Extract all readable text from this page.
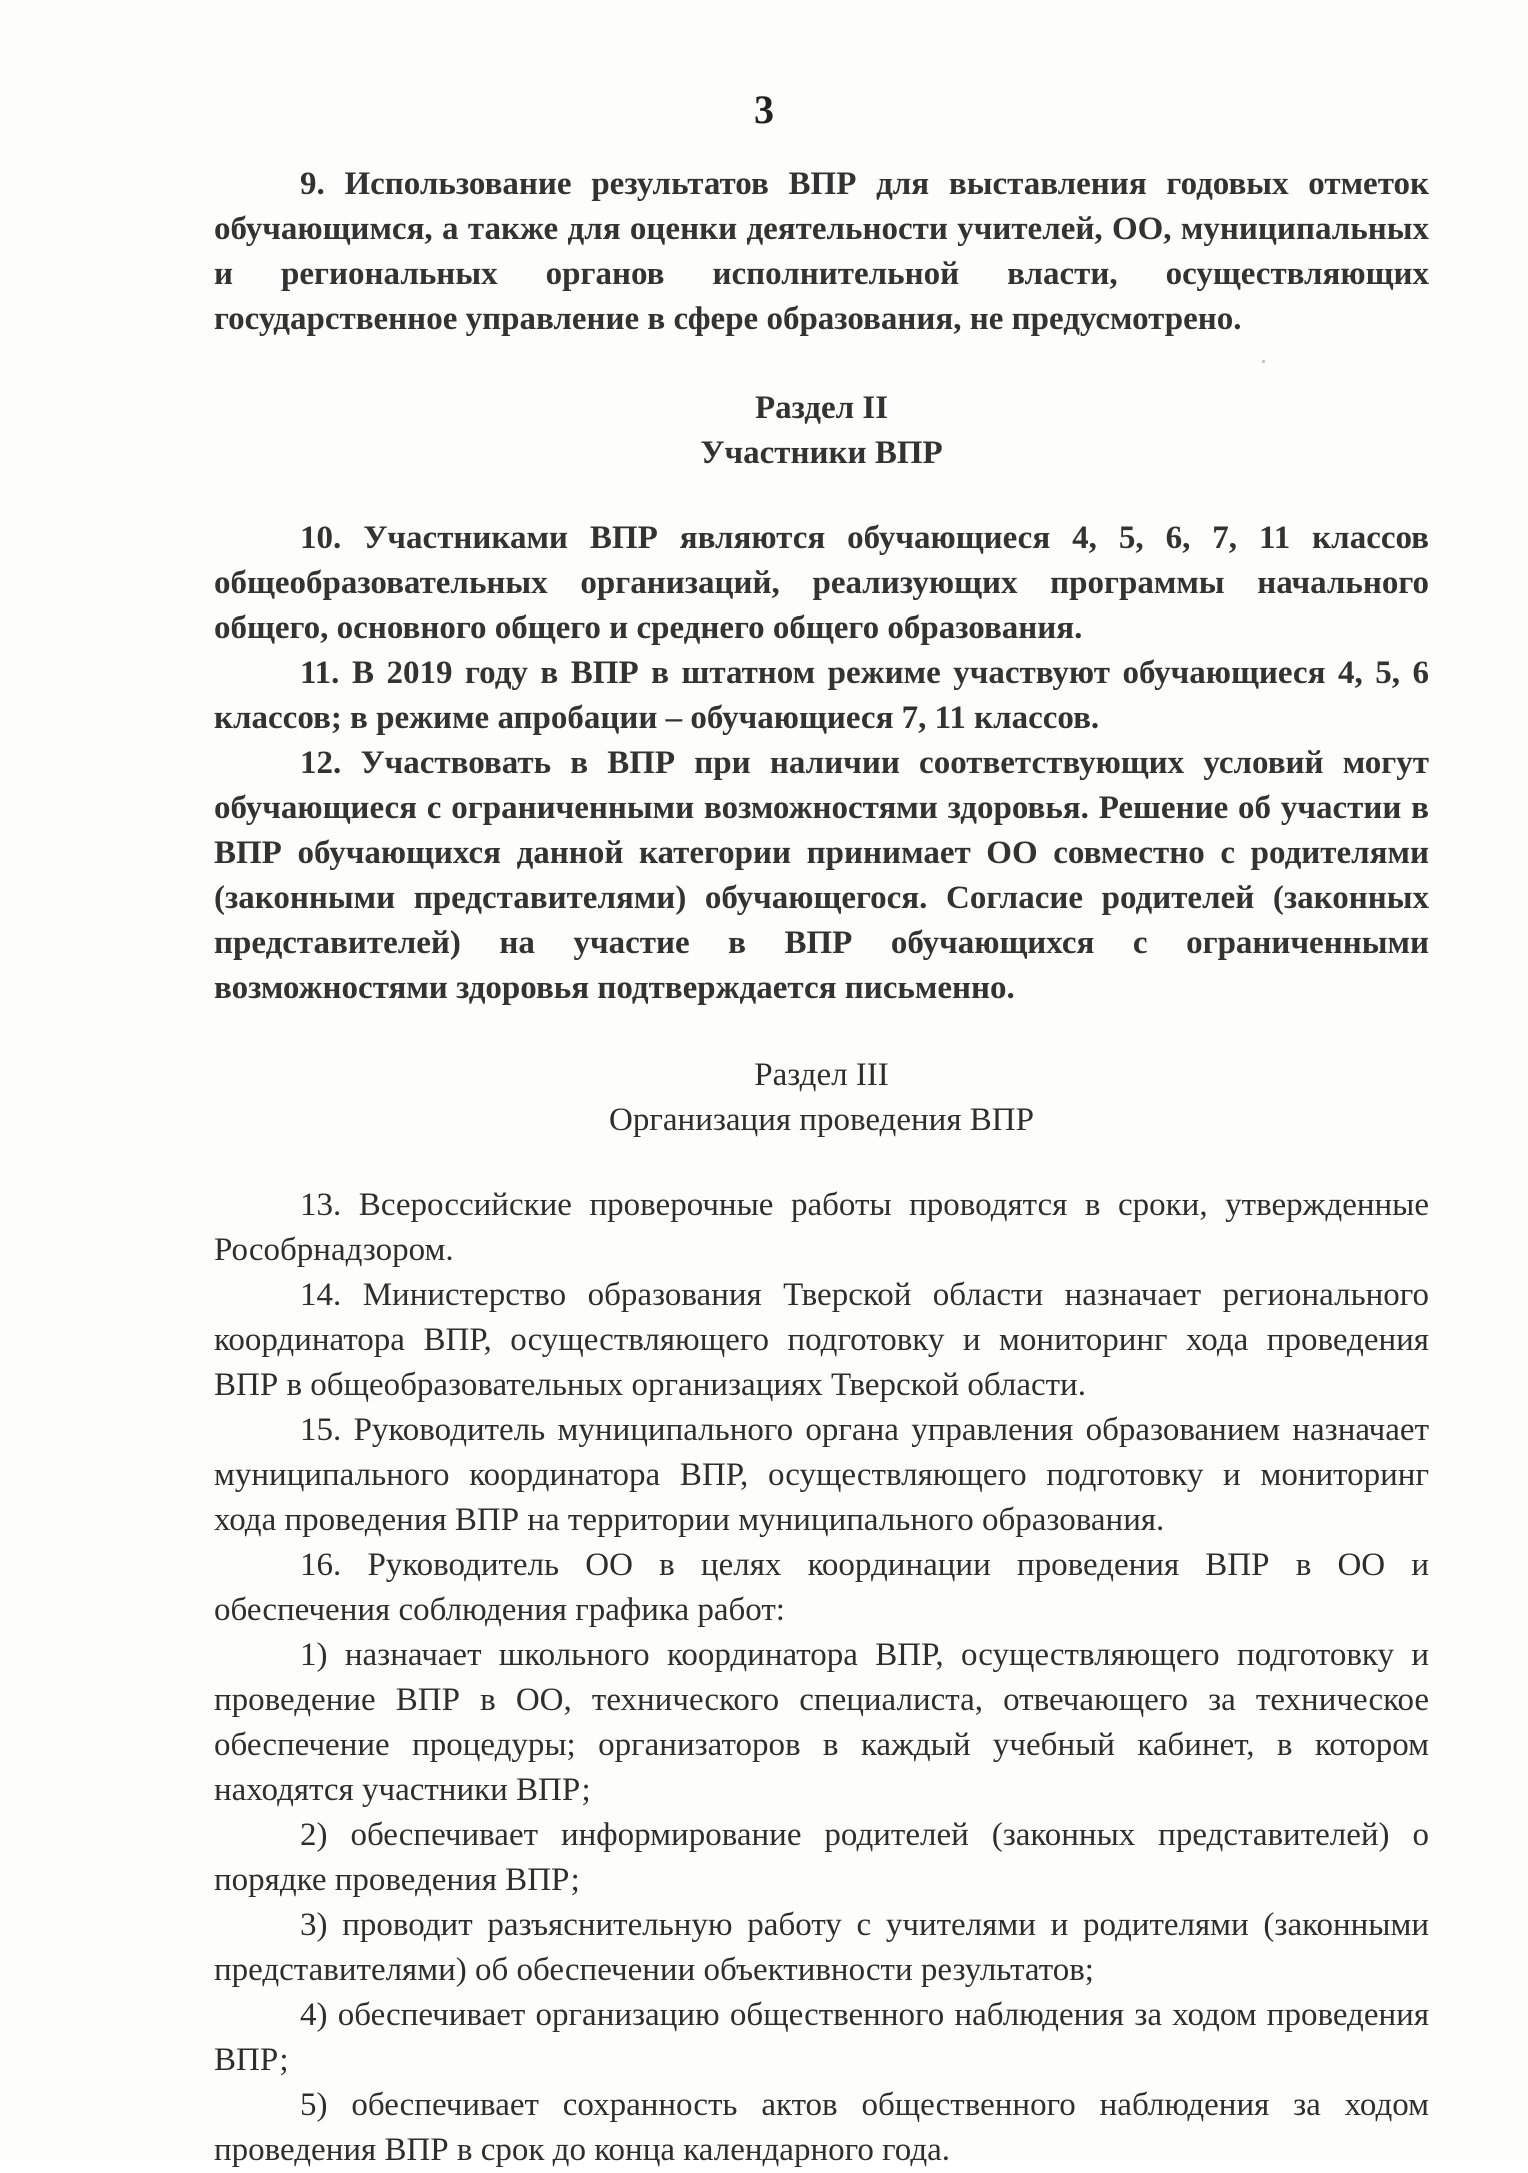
3

9. Использование результатов ВПР для выставления годовых отметок обучающимся, а также для оценки деятельности учителей, ОО, муниципальных и региональных органов исполнительной власти, осуществляющих государственное управление в сфере образования, не предусмотрено.

Раздел II

Участники ВПР

10. Участниками ВПР являются обучающиеся 4, 5, 6, 7, 11 классов общеобразовательных организаций, реализующих программы начального общего, основного общего и среднего общего образования.

11. В 2019 году в ВПР в штатном режиме участвуют обучающиеся 4, 5, 6 классов; в режиме апробации – обучающиеся 7, 11 классов.

12. Участвовать в ВПР при наличии соответствующих условий могут обучающиеся с ограниченными возможностями здоровья. Решение об участии в ВПР обучающихся данной категории принимает ОО совместно с родителями (законными представителями) обучающегося. Согласие родителей (законных представителей) на участие в ВПР обучающихся с ограниченными возможностями здоровья подтверждается письменно.

Раздел III

Организация проведения ВПР

13. Всероссийские проверочные работы проводятся в сроки, утвержденные Рособрнадзором.

14. Министерство образования Тверской области назначает регионального координатора ВПР, осуществляющего подготовку и мониторинг хода проведения ВПР в общеобразовательных организациях Тверской области.

15. Руководитель муниципального органа управления образованием назначает муниципального координатора ВПР, осуществляющего подготовку и мониторинг хода проведения ВПР на территории муниципального образования.

16. Руководитель ОО в целях координации проведения ВПР в ОО и обеспечения соблюдения графика работ:

1) назначает школьного координатора ВПР, осуществляющего подготовку и проведение ВПР в ОО, технического специалиста, отвечающего за техническое обеспечение процедуры; организаторов в каждый учебный кабинет, в котором находятся участники ВПР;

2) обеспечивает информирование родителей (законных представителей) о порядке проведения ВПР;

3) проводит разъяснительную работу с учителями и родителями (законными представителями) об обеспечении объективности результатов;

4) обеспечивает организацию общественного наблюдения за ходом проведения ВПР;

5) обеспечивает сохранность актов общественного наблюдения за ходом проведения ВПР в срок до конца календарного года.
